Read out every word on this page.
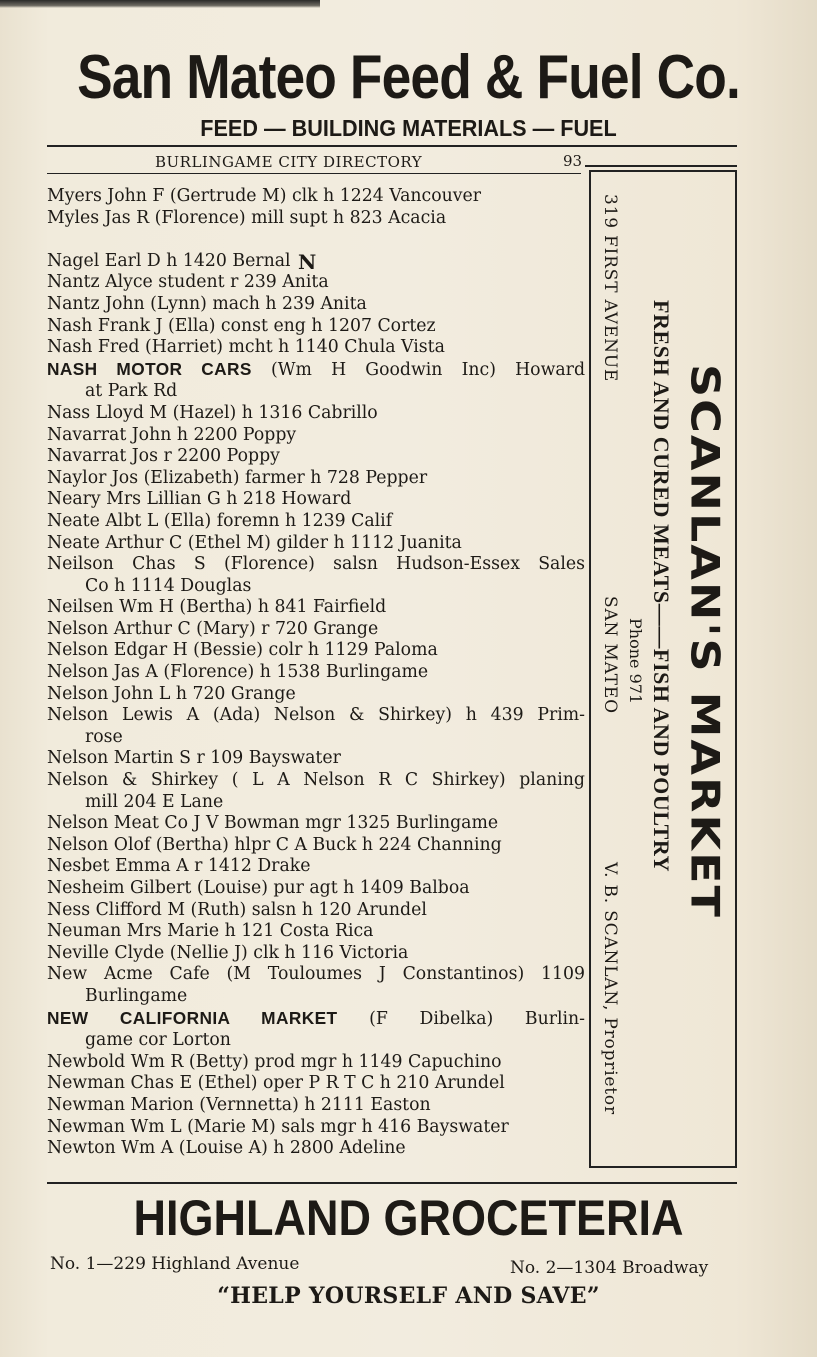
San Mateo Feed & Fuel Co.
FEED — BUILDING MATERIALS — FUEL
BURLINGAME CITY DIRECTORY	93
N
Myers John F (Gertrude M) clk h 1224 Vancouver
Myles Jas R (Florence) mill supt h 823 Acacia
Nagel Earl D h 1420 Bernal
Nantz Alyce student r 239 Anita
Nantz John (Lynn) mach h 239 Anita
Nash Frank J (Ella) const eng h 1207 Cortez
Nash Fred (Harriet) mcht h 1140 Chula Vista
NASH MOTOR CARS (Wm H Goodwin Inc) Howard
at Park Rd
Nass Lloyd M (Hazel) h 1316 Cabrillo
Navarrat John h 2200 Poppy
Navarrat Jos r 2200 Poppy
Naylor Jos (Elizabeth) farmer h 728 Pepper
Neary Mrs Lillian G h 218 Howard
Neate Albt L (Ella) foremn h 1239 Calif
Neate Arthur C (Ethel M) gilder h 1112 Juanita
Neilson Chas S (Florence) salsn Hudson-Essex Sales
Co h 1114 Douglas
Neilsen Wm H (Bertha) h 841 Fairfield
Nelson Arthur C (Mary) r 720 Grange
Nelson Edgar H (Bessie) colr h 1129 Paloma
Nelson Jas A (Florence) h 1538 Burlingame
Nelson John L h 720 Grange
Nelson Lewis A (Ada) Nelson & Shirkey) h 439 Prim-
rose
Nelson Martin S r 109 Bayswater
Nelson & Shirkey ( L A Nelson R C Shirkey) planing
mill 204 E Lane
Nelson Meat Co J V Bowman mgr 1325 Burlingame
Nelson Olof (Bertha) hlpr C A Buck h 224 Channing
Nesbet Emma A r 1412 Drake
Nesheim Gilbert (Louise) pur agt h 1409 Balboa
Ness Clifford M (Ruth) salsn h 120 Arundel
Neuman Mrs Marie h 121 Costa Rica
Neville Clyde (Nellie J) clk h 116 Victoria
New Acme Cafe (M Touloumes J Constantinos) 1109
Burlingame
NEW CALIFORNIA MARKET (F Dibelka) Burlin-
game cor Lorton
Newbold Wm R (Betty) prod mgr h 1149 Capuchino
Newman Chas E (Ethel) oper P R T C h 210 Arundel
Newman Marion (Vernnetta) h 2111 Easton
Newman Wm L (Marie M) sals mgr h 416 Bayswater
Newton Wm A (Louise A) h 2800 Adeline
319 FIRST AVENUE
SCANLAN'S MARKET
FRESH AND CURED MEATS——FISH AND POULTRY
Phone 971
SAN MATEO
V. B. SCANLAN, Proprietor
HIGHLAND GROCETERIA
No. 1—229 Highland Avenue	No. 2—1304 Broadway
“HELP YOURSELF AND SAVE”
